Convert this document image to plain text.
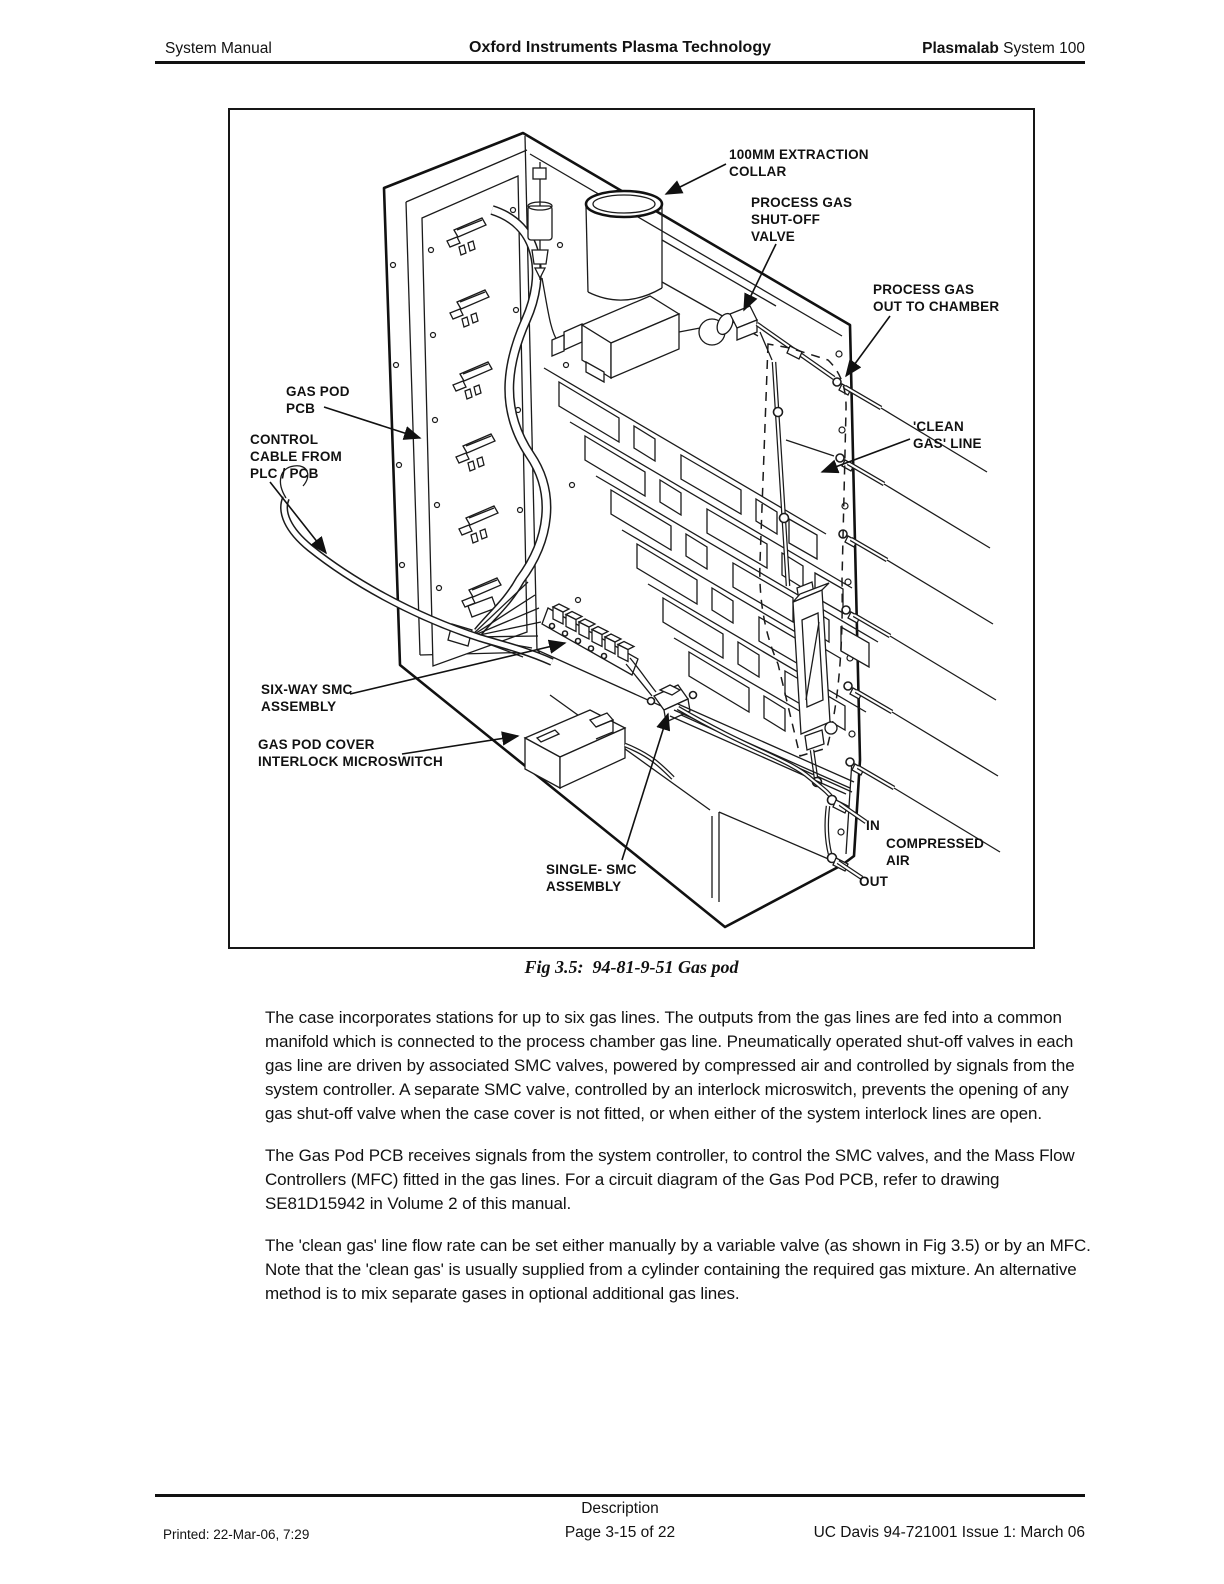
System Manual	Oxford Instruments Plasma Technology	Plasmalab System 100
100MM EXTRACTION
COLLAR
PROCESS GAS
SHUT-OFF
VALVE
PROCESS GAS
OUT TO CHAMBER
GAS POD
PCB
CONTROL
CABLE FROM
PLC / PCB
'CLEAN
GAS' LINE
SIX-WAY SMC
ASSEMBLY
GAS POD COVER
INTERLOCK MICROSWITCH
SINGLE- SMC
ASSEMBLY
IN
COMPRESSED
AIR
OUT
Fig 3.5:  94-81-9-51 Gas pod

The case incorporates stations for up to six gas lines. The outputs from the gas lines are fed into a common manifold which is connected to the process chamber gas line. Pneumatically operated shut-off valves in each gas line are driven by associated SMC valves, powered by compressed air and controlled by signals from the system controller. A separate SMC valve, controlled by an interlock microswitch, prevents the opening of any gas shut-off valve when the case cover is not fitted, or when either of the system interlock lines are open.

The Gas Pod PCB receives signals from the system controller, to control the SMC valves, and the Mass Flow Controllers (MFC) fitted in the gas lines. For a circuit diagram of the Gas Pod PCB, refer to drawing SE81D15942 in Volume 2 of this manual.

The 'clean gas' line flow rate can be set either manually by a variable valve (as shown in Fig 3.5) or by an MFC. Note that the 'clean gas' is usually supplied from a cylinder containing the required gas mixture. An alternative method is to mix separate gases in optional additional gas lines.

Description
Printed: 22-Mar-06, 7:29	Page 3-15 of 22	UC Davis 94-721001 Issue 1: March 06
